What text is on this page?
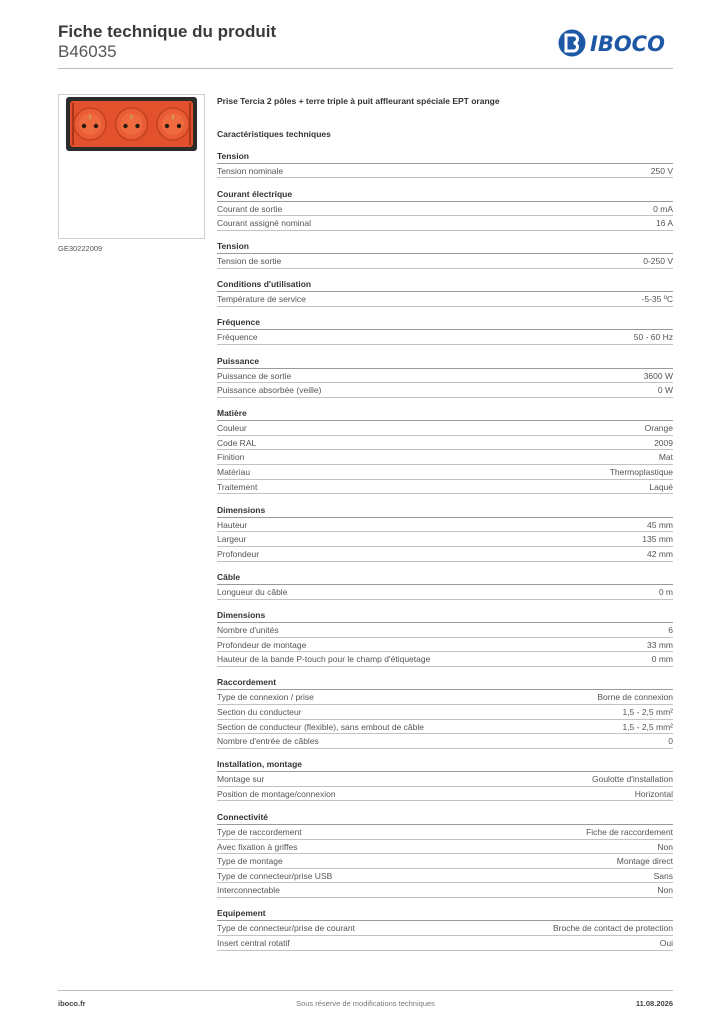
Fiche technique du produit
B46035	IBOCO
GE30222009
Prise Tercia 2 pôles + terre triple à puit affleurant spéciale EPT orange
Caractéristiques techniques
Tension
Tension nominale	250 V
Courant électrique
Courant de sortie	0 mA
Courant assigné nominal	16 A
Tension
Tension de sortie	0-250 V
Conditions d'utilisation
Température de service	-5-35 ºC
Fréquence
Fréquence	50 - 60 Hz
Puissance
Puissance de sortie	3600 W
Puissance absorbée (veille)	0 W
Matière
Couleur	Orange
Code RAL	2009
Finition	Mat
Matériau	Thermoplastique
Traitement	Laqué
Dimensions
Hauteur	45 mm
Largeur	135 mm
Profondeur	42 mm
Câble
Longueur du câble	0 m
Dimensions
Nombre d'unités	6
Profondeur de montage	33 mm
Hauteur de la bande P-touch pour le champ d'étiquetage	0 mm
Raccordement
Type de connexion / prise	Borne de connexion
Section du conducteur	1,5 - 2,5 mm²
Section de conducteur (flexible), sans embout de câble	1,5 - 2,5 mm²
Nombre d'entrée de câbles	0
Installation, montage
Montage sur	Goulotte d'installation
Position de montage/connexion	Horizontal
Connectivité
Type de raccordement	Fiche de raccordement
Avec fixation à griffes	Non
Type de montage	Montage direct
Type de connecteur/prise USB	Sans
Interconnectable	Non
Equipement
Type de connecteur/prise de courant	Broche de contact de protection
Insert central rotatif	Oui
iboco.fr	Sous réserve de modifications techniques	11.08.2026
